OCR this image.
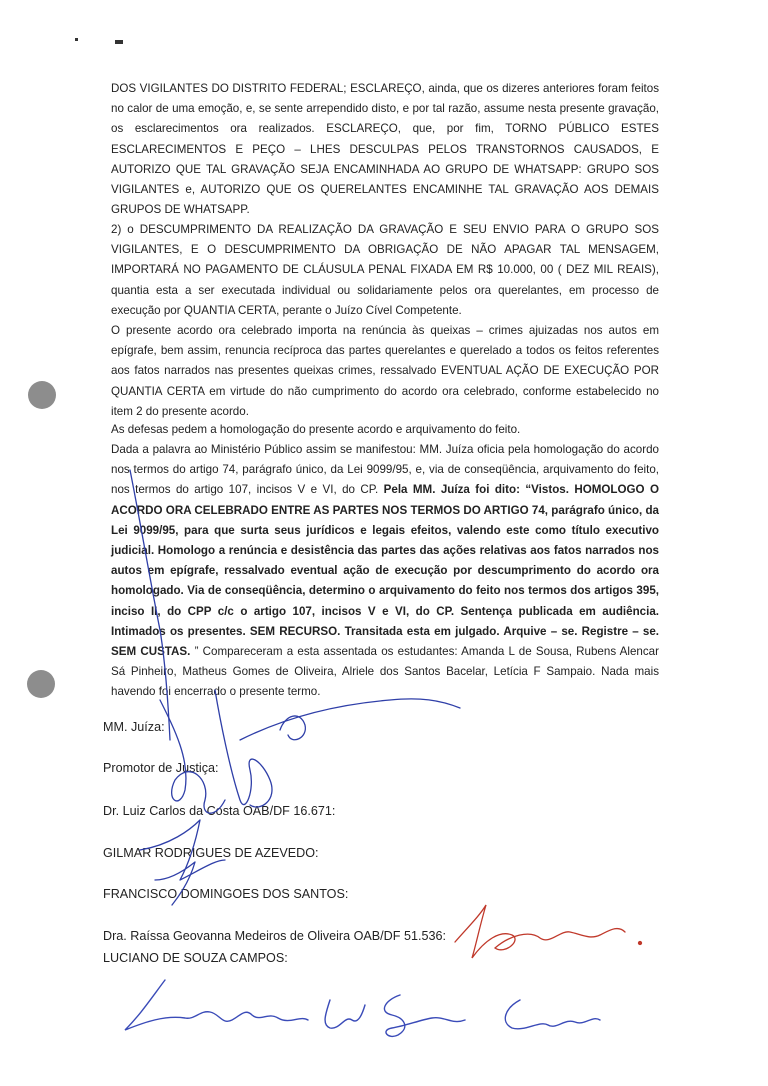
DOS VIGILANTES DO DISTRITO FEDERAL; ESCLAREÇO, ainda, que os dizeres anteriores foram feitos no calor de uma emoção, e, se sente arrependido disto, e por tal razão, assume nesta presente gravação, os esclarecimentos ora realizados. ESCLAREÇO, que, por fim, TORNO PÚBLICO ESTES ESCLARECIMENTOS E PEÇO – LHES DESCULPAS PELOS TRANSTORNOS CAUSADOS, E AUTORIZO QUE TAL GRAVAÇÃO SEJA ENCAMINHADA AO GRUPO DE WHATSAPP: GRUPO SOS VIGILANTES e, AUTORIZO QUE OS QUERELANTES ENCAMINHE TAL GRAVAÇÃO AOS DEMAIS GRUPOS DE WHATSAPP.
2) o DESCUMPRIMENTO DA REALIZAÇÃO DA GRAVAÇÃO E SEU ENVIO PARA O GRUPO SOS VIGILANTES, E O DESCUMPRIMENTO DA OBRIGAÇÃO DE NÃO APAGAR TAL MENSAGEM, IMPORTARÁ NO PAGAMENTO DE CLÁUSULA PENAL FIXADA EM R$ 10.000, 00 ( DEZ MIL REAIS), quantia esta a ser executada individual ou solidariamente pelos ora querelantes, em processo de execução por QUANTIA CERTA, perante o Juízo Cível Competente.
O presente acordo ora celebrado importa na renúncia às queixas – crimes ajuizadas nos autos em epígrafe, bem assim, renuncia recíproca das partes querelantes e querelado a todos os feitos referentes aos fatos narrados nas presentes queixas crimes, ressalvado EVENTUAL AÇÃO DE EXECUÇÃO POR QUANTIA CERTA em virtude do não cumprimento do acordo ora celebrado, conforme estabelecido no item 2 do presente acordo.
As defesas pedem a homologação do presente acordo e arquivamento do feito.
Dada a palavra ao Ministério Público assim se manifestou: MM. Juíza oficia pela homologação do acordo nos termos do artigo 74, parágrafo único, da Lei 9099/95, e, via de conseqüência, arquivamento do feito, nos termos do artigo 107, incisos V e VI, do CP. Pela MM. Juíza foi dito: “Vistos. HOMOLOGO O ACORDO ORA CELEBRADO ENTRE AS PARTES NOS TERMOS DO ARTIGO 74, parágrafo único, da Lei 9099/95, para que surta seus jurídicos e legais efeitos, valendo este como título executivo judicial. Homologo a renúncia e desistência das partes das ações relativas aos fatos narrados nos autos em epígrafe, ressalvado eventual ação de execução por descumprimento do acordo ora homologado. Via de conseqüência, determino o arquivamento do feito nos termos dos artigos 395, inciso II, do CPP c/c o artigo 107, incisos V e VI, do CP. Sentença publicada em audiência. Intimados os presentes. SEM RECURSO. Transitada esta em julgado. Arquive – se. Registre – se. SEM CUSTAS. ” Compareceram a esta assentada os estudantes: Amanda L de Sousa, Rubens Alencar Sá Pinheiro, Matheus Gomes de Oliveira, Alriele dos Santos Bacelar, Letícia F Sampaio. Nada mais havendo foi encerrado o presente termo.
MM. Juíza:
Promotor de Justiça:
Dr. Luiz Carlos da Costa OAB/DF 16.671:
GILMAR RODRIGUES DE AZEVEDO:
FRANCISCO DOMINGOES DOS SANTOS:
Dra. Raíssa Geovanna Medeiros de Oliveira OAB/DF 51.536:
LUCIANO DE SOUZA CAMPOS:
